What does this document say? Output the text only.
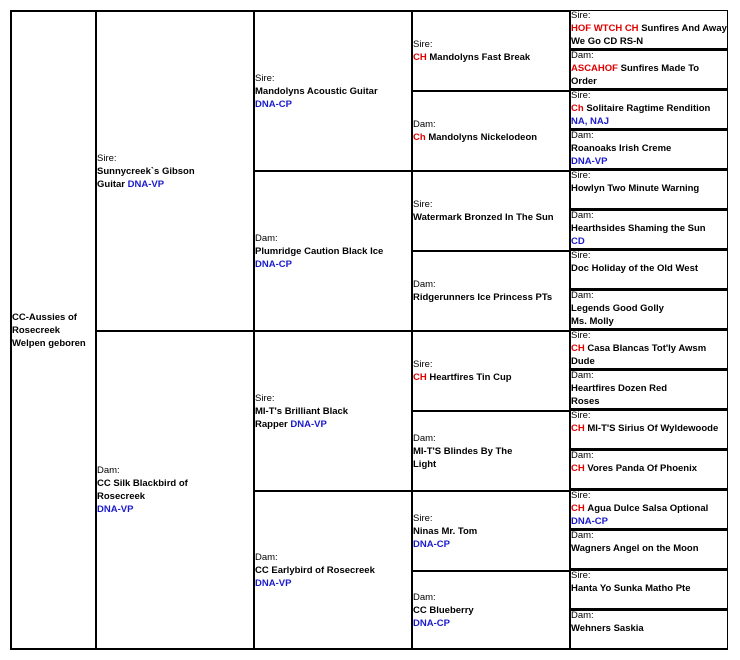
CC-Aussies of Rosecreek Welpen geboren
Sire:
Sunnycreek`s Gibson Guitar DNA-VP
Dam:
CC Silk Blackbird of Rosecreek
DNA-VP
Sire:
Mandolyns Acoustic Guitar
DNA-CP
Dam:
Plumridge Caution Black Ice
DNA-CP
Sire:
MI-T's Brilliant Black Rapper DNA-VP
Dam:
CC Earlybird of Rosecreek
DNA-VP
Sire:
CH Mandolyns Fast Break
Dam:
Ch Mandolyns Nickelodeon
Sire:
Watermark Bronzed In The Sun
Dam:
Ridgerunners Ice Princess PTs
Sire:
CH Heartfires Tin Cup
Dam:
MI-T'S Blindes By The Light
Sire:
Ninas Mr. Tom
DNA-CP
Dam:
CC Blueberry
DNA-CP
Sire:
HOF WTCH CH Sunfires And Away We Go CD RS-N
Dam:
ASCAHOF Sunfires Made To Order
Sire:
Ch Solitaire Ragtime Rendition NA, NAJ
Dam:
Roanoaks Irish Creme
DNA-VP
Sire:
Howlyn Two Minute Warning
Dam:
Hearthsides Shaming the Sun
CD
Sire:
Doc Holiday of the Old West
Dam:
Legends Good Golly Ms. Molly
Sire:
CH Casa Blancas Tot'ly Awsm Dude
Dam:
Heartfires Dozen Red Roses
Sire:
CH MI-T'S Sirius Of Wyldewoode
Dam:
CH Vores Panda Of Phoenix
Sire:
CH Agua Dulce Salsa Optional
DNA-CP
Dam:
Wagners Angel on the Moon
Sire:
Hanta Yo Sunka Matho Pte
Dam:
Wehners Saskia
